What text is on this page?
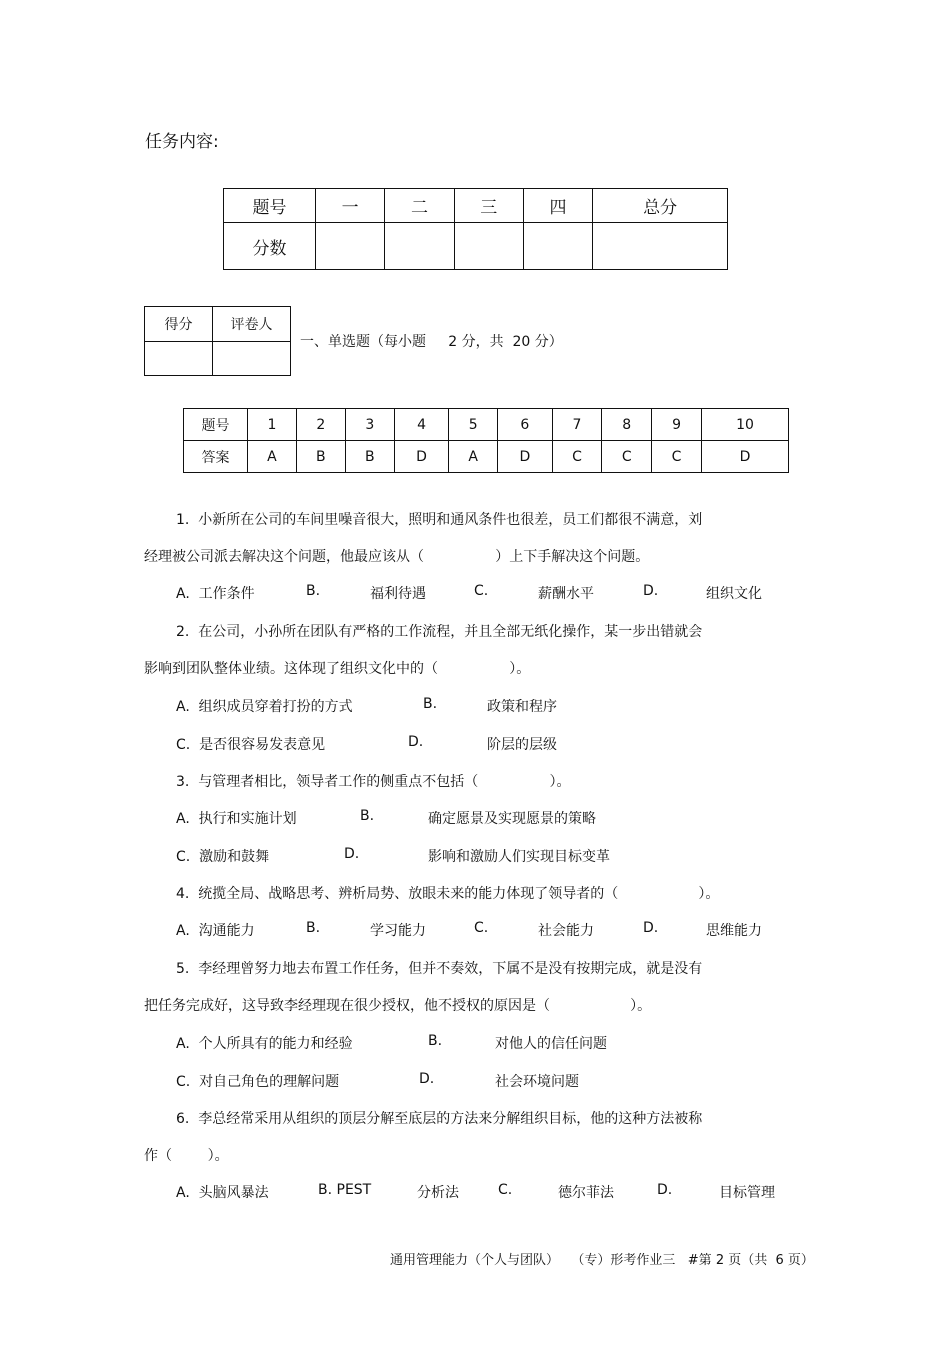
任务内容:
题号	一	二	三	四	总分
分数					
得分	评卷人

一、单选题（每小题     2 分，共  20 分）
题号	1	2	3	4	5	6	7	8	9	10
答案	A	B	B	D	A	D	C	C	C	D
1.  小新所在公司的车间里噪音很大，照明和通风条件也很差，员工们都很不满意，刘
经理被公司派去解决这个问题，他最应该从（                ）上下手解决这个问题。
A.  工作条件	B.	福利待遇	C.	薪酬水平	D.	组织文化
2.  在公司，小孙所在团队有严格的工作流程，并且全部无纸化操作，某一步出错就会
影响到团队整体业绩。这体现了组织文化中的（                ）。
A.  组织成员穿着打扮的方式	B.	政策和程序
C.  是否很容易发表意见	D.	阶层的层级
3.  与管理者相比，领导者工作的侧重点不包括（                ）。
A.  执行和实施计划	B.	确定愿景及实现愿景的策略
C.  激励和鼓舞	D.	影响和激励人们实现目标变革
4.  统揽全局、战略思考、辨析局势、放眼未来的能力体现了领导者的（                  ）。
A.  沟通能力	B.	学习能力	C.	社会能力	D.	思维能力
5.  李经理曾努力地去布置工作任务，但并不奏效，下属不是没有按期完成，就是没有
把任务完成好，这导致李经理现在很少授权，他不授权的原因是（                  ）。
A.  个人所具有的能力和经验	B.	对他人的信任问题
C.  对自己角色的理解问题	D.	社会环境问题
6.  李总经常采用从组织的顶层分解至底层的方法来分解组织目标，他的这种方法被称
作（        ）。
A.  头脑风暴法	B. PEST	分析法	C.	德尔菲法	D.	目标管理
通用管理能力（个人与团队）   （专）形考作业三   #第 2 页（共  6 页）
